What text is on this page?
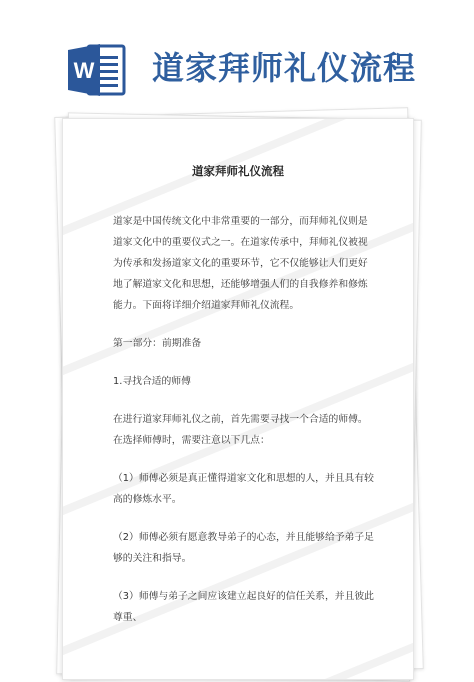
W 道家拜师礼仪流程
道家拜师礼仪流程

道家是中国传统文化中非常重要的一部分，而拜师礼仪则是道家文化中的重要仪式之一。在道家传承中，拜师礼仪被视为传承和发扬道家文化的重要环节，它不仅能够让人们更好地了解道家文化和思想，还能够增强人们的自我修养和修炼能力。下面将详细介绍道家拜师礼仪流程。

第一部分：前期准备

1.寻找合适的师傅

在进行道家拜师礼仪之前，首先需要寻找一个合适的师傅。在选择师傅时，需要注意以下几点：

（1）师傅必须是真正懂得道家文化和思想的人，并且具有较高的修炼水平。

（2）师傅必须有愿意教导弟子的心态，并且能够给予弟子足够的关注和指导。

（3）师傅与弟子之间应该建立起良好的信任关系，并且彼此尊重、
